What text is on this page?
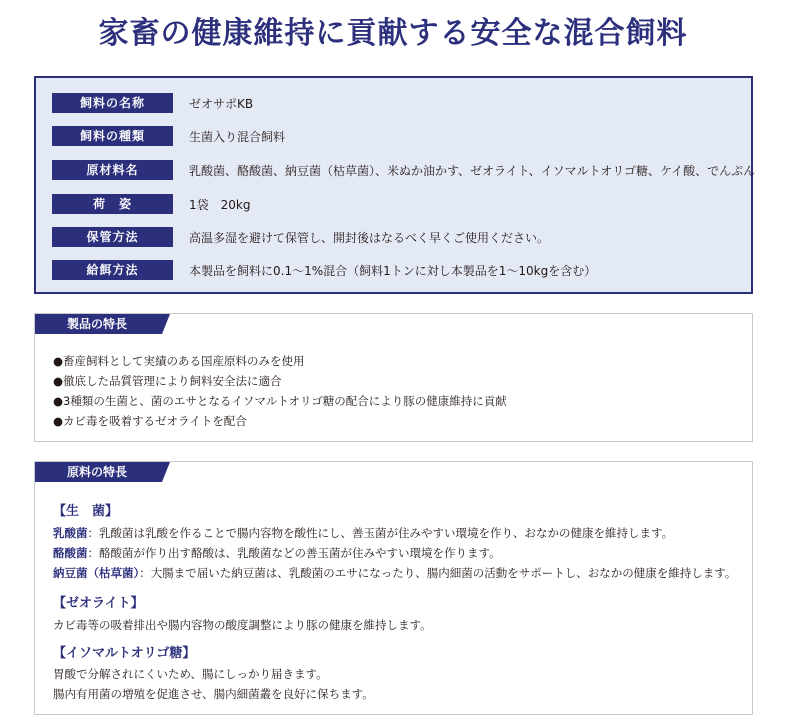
家畜の健康維持に貢献する安全な混合飼料
飼料の名称	ゼオサポKB
飼料の種類	生菌入り混合飼料
原材料名	乳酸菌、酪酸菌、納豆菌（枯草菌）、米ぬか油かす、ゼオライト、イソマルトオリゴ糖、ケイ酸、でんぷん
荷　姿	1袋　20kg
保管方法	高温多湿を避けて保管し、開封後はなるべく早くご使用ください。
給餌方法	本製品を飼料に0.1～1%混合（飼料1トンに対し本製品を1～10kgを含む）
製品の特長
●畜産飼料として実績のある国産原料のみを使用
●徹底した品質管理により飼料安全法に適合
●3種類の生菌と、菌のエサとなるイソマルトオリゴ糖の配合により豚の健康維持に貢献
●カビ毒を吸着するゼオライトを配合
原料の特長
【生　菌】
乳酸菌：乳酸菌は乳酸を作ることで腸内容物を酸性にし、善玉菌が住みやすい環境を作り、おなかの健康を維持します。
酪酸菌：酪酸菌が作り出す酪酸は、乳酸菌などの善玉菌が住みやすい環境を作ります。
納豆菌（枯草菌）：大腸まで届いた納豆菌は、乳酸菌のエサになったり、腸内細菌の活動をサポートし、おなかの健康を維持します。
【ゼオライト】
カビ毒等の吸着排出や腸内容物の酸度調整により豚の健康を維持します。
【イソマルトオリゴ糖】
胃酸で分解されにくいため、腸にしっかり届きます。
腸内有用菌の増殖を促進させ、腸内細菌叢を良好に保ちます。
